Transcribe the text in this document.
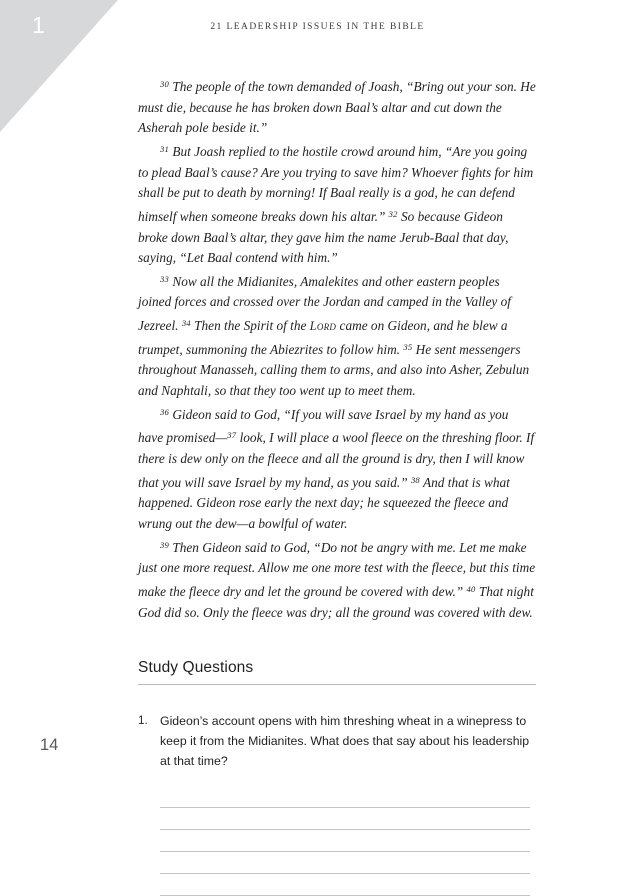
1	21 LEADERSHIP ISSUES IN THE BIBLE

$^{30}$ The people of the town demanded of Joash, “Bring out your son. He must die, because he has broken down Baal’s altar and cut down the Asherah pole beside it.”

$^{31}$ But Joash replied to the hostile crowd around him, “Are you going to plead Baal’s cause? Are you trying to save him? Whoever fights for him shall be put to death by morning! If Baal really is a god, he can defend himself when someone breaks down his altar.” $^{32}$ So because Gideon broke down Baal’s altar, they gave him the name Jerub-Baal that day, saying, “Let Baal contend with him.”

$^{33}$ Now all the Midianites, Amalekites and other eastern peoples joined forces and crossed over the Jordan and camped in the Valley of Jezreel. $^{34}$ Then the Spirit of the Lord came on Gideon, and he blew a trumpet, summoning the Abiezrites to follow him. $^{35}$ He sent messengers throughout Manasseh, calling them to arms, and also into Asher, Zebulun and Naphtali, so that they too went up to meet them.

$^{36}$ Gideon said to God, “If you will save Israel by my hand as you have promised—$^{37}$ look, I will place a wool fleece on the threshing floor. If there is dew only on the fleece and all the ground is dry, then I will know that you will save Israel by my hand, as you said.” $^{38}$ And that is what happened. Gideon rose early the next day; he squeezed the fleece and wrung out the dew—a bowlful of water.

$^{39}$ Then Gideon said to God, “Do not be angry with me. Let me make just one more request. Allow me one more test with the fleece, but this time make the fleece dry and let the ground be covered with dew.” $^{40}$ That night God did so. Only the fleece was dry; all the ground was covered with dew.

Study Questions
1.	Gideon’s account opens with him threshing wheat in a winepress to keep it from the Midianites. What does that say about his leadership at that time?
14
